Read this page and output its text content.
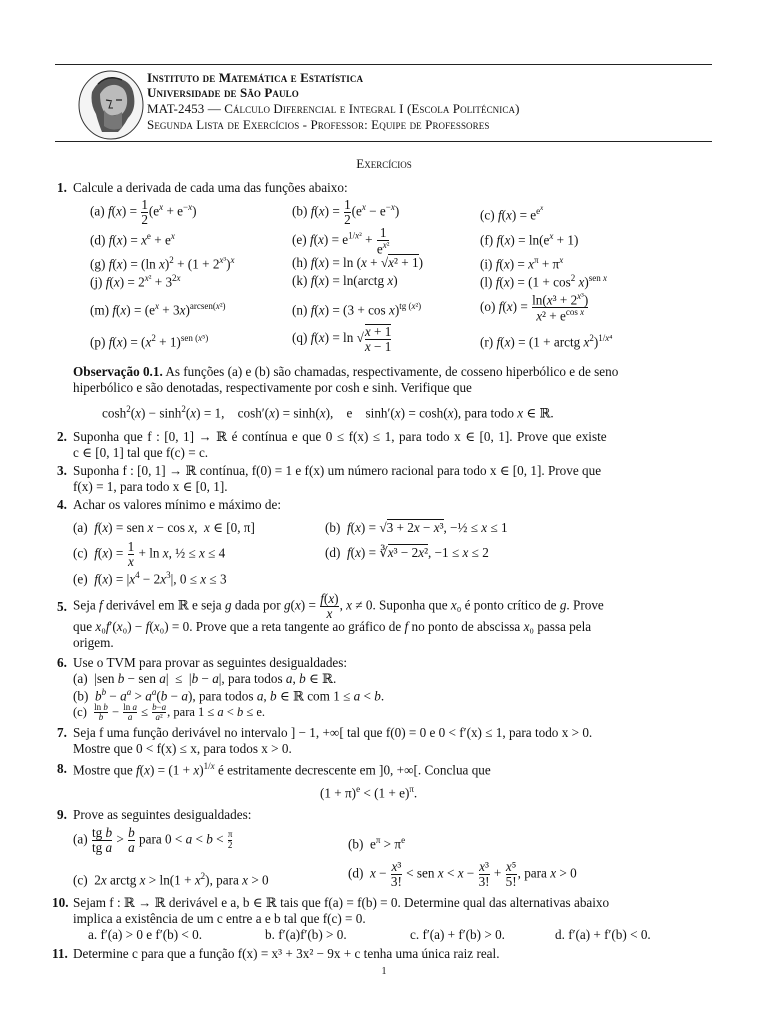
Instituto de Matemática e Estatística
Universidade de São Paulo
MAT-2453 — Cálculo Diferencial e Integral I (Escola Politécnica)
Segunda Lista de Exercícios - Professor: Equipe de Professores
Exercícios
1. Calcule a derivada de cada uma das funções abaixo:
(a) $f(x) = \frac{1}{2} (e^x + e^{-x})$	(b) $f(x) = \frac{1}{2} (e^x - e^{-x})$	(c) $f(x) = e^{e^x}$
(d) $f(x) = x^e + e^x$	(e) $f(x) = e^{1/x^2} + \frac{1}{e^{x^2}}$	(f) $f(x) = \ln(e^x + 1)$
(g) f(x) = (ln $x)^2 + (1 + 2^{x^3})^x$	(h) f(x) = ln (x + √x² + 1)	(i) $f(x) = x^\pi + \pi^x$
(j) $f(x) = 2^{x^2} + 3^{2x}$	(k) f(x) = ln(arctg x)	(l) $f(x) = (1 + \cos^2 x)^{sen x}$
(m) $f(x) = (e^x + 3x)^{arcsen(x^2)}$	(n) $f(x) = (3 + \cos x)^{tg (x^2)}$	(o) $f(x) = \frac{\ln(x^3 + 2^{x^3})}{x^2 + e^{cos x}}$
(p) $f(x) = (x^2 + 1)^{sen (x^5)}$	(q) f(x) = ln √ $\frac{x + 1}{x - 1}$	(r) f(x) = (1 + arctg $x^2)^{1/x^4}$
Observação 0.1. As funções (a) e (b) são chamadas, respectivamente, de cosseno hiperbólico e de seno
hiperbólico e são denotadas, respectivamente por cosh e sinh. Verifique que
$\cosh^2(x) - \sinh^2(x) = 1$,    cosh′(x) = sinh(x),    e    sinh′(x) = cosh(x), para todo x ∈ ℝ.
2. Suponha que f : [0, 1] → ℝ é contínua e que 0 ≤ f(x) ≤ 1, para todo x ∈ [0, 1]. Prove que existe
c ∈ [0, 1] tal que f(c) = c.
3. Suponha f : [0, 1] → ℝ contínua, f(0) = 1 e f(x) um número racional para todo x ∈ [0, 1]. Prove que
f(x) = 1, para todo x ∈ [0, 1].
4. Achar os valores mínimo e máximo de:
(a)  f(x) = sen x − cos x,  x ∈ [0, π]	(b)  f(x) = √3 + 2x − x³, −½ ≤ x ≤ 1
(c)  $f(x) = \frac{1}{x} + \ln x$, ½ ≤ x ≤ 4	(d)  f(x) = ∛x³ − 2x², −1 ≤ x ≤ 2
(e)  $f(x) = |x^4 - 2x^3|$, 0 ≤ x ≤ 3
5. Seja f derivável em ℝ e seja g dada por $g(x) = \frac{f(x)}{x}$ , x ≠ 0. Suponha que x₀ é ponto crítico de g. Prove
que x₀f′(x₀) − f(x₀) = 0. Prove que a reta tangente ao gráfico de f no ponto de abscissa x₀ passa pela
origem.
6. Use o TVM para provar as seguintes desigualdades:
(a)  |sen b − sen a|  ≤  |b − a|, para todos a, b ∈ ℝ.
(b)  $b^b - a^a > a^a(b - a)$, para todos a, b ∈ ℝ com 1 ≤ a < b.
$(c) \frac{\text{ln b}}{b} - \frac{\text{ln a}}{a} \le \frac{b-a}{\text{a²}}$ , para 1 ≤ a < b ≤ e.
7. Seja f uma função derivável no intervalo ] − 1, +∞[ tal que f(0) = 0 e 0 < f′(x) ≤ 1, para todo x > 0.
Mostre que 0 < f(x) ≤ x, para todos x > 0.
8. Mostre que $f(x) = (1 + x)^{1/x}$ é estritamente decrescente em ]0, +∞[. Conclua que
$(1 + \pi)^e < (1 + e)^\pi$.
9. Prove as seguintes desigualdades:
$(a) \frac{\text{tg b}}{\text{tg a}} > \frac{b}{a}$ para $0 < a < b < \frac{\pi}{2}$	(b)  $e^\pi > \pi^e$
(c)  2x arctg $x > \ln(1 + x^2)$, para x > 0	(d)  $x - \frac{\text{x³}}{3!}$ < sen $x < x - \frac{\text{x³}}{3!} + \frac{\text{x⁵}}{5!}$ , para x > 0
10. Sejam f : ℝ → ℝ derivável e a, b ∈ ℝ tais que f(a) = f(b) = 0. Determine qual das alternativas abaixo
implica a existência de um c entre a e b tal que f(c) = 0.
a. f′(a) > 0 e f′(b) < 0.	b. f′(a)f′(b) > 0.	c. f′(a) + f′(b) > 0.	d. f′(a) + f′(b) < 0.
11. Determine c para que a função f(x) = x³ + 3x² − 9x + c tenha uma única raiz real.
1
